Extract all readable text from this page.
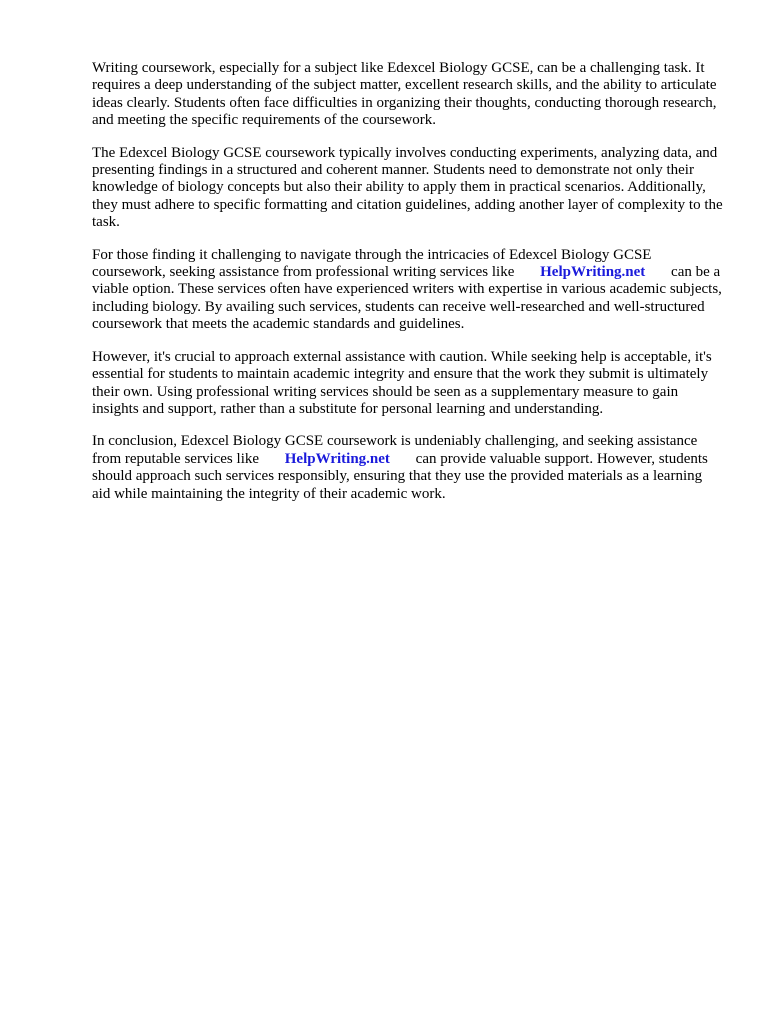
Writing coursework, especially for a subject like Edexcel Biology GCSE, can be a challenging task. It requires a deep understanding of the subject matter, excellent research skills, and the ability to articulate ideas clearly. Students often face difficulties in organizing their thoughts, conducting thorough research, and meeting the specific requirements of the coursework.

The Edexcel Biology GCSE coursework typically involves conducting experiments, analyzing data, and presenting findings in a structured and coherent manner. Students need to demonstrate not only their knowledge of biology concepts but also their ability to apply them in practical scenarios. Additionally, they must adhere to specific formatting and citation guidelines, adding another layer of complexity to the task.

For those finding it challenging to navigate through the intricacies of Edexcel Biology GCSE coursework, seeking assistance from professional writing services like HelpWriting.net can be a viable option. These services often have experienced writers with expertise in various academic subjects, including biology. By availing such services, students can receive well-researched and well-structured coursework that meets the academic standards and guidelines.

However, it's crucial to approach external assistance with caution. While seeking help is acceptable, it's essential for students to maintain academic integrity and ensure that the work they submit is ultimately their own. Using professional writing services should be seen as a supplementary measure to gain insights and support, rather than a substitute for personal learning and understanding.

In conclusion, Edexcel Biology GCSE coursework is undeniably challenging, and seeking assistance from reputable services like HelpWriting.net can provide valuable support. However, students should approach such services responsibly, ensuring that they use the provided materials as a learning aid while maintaining the integrity of their academic work.
